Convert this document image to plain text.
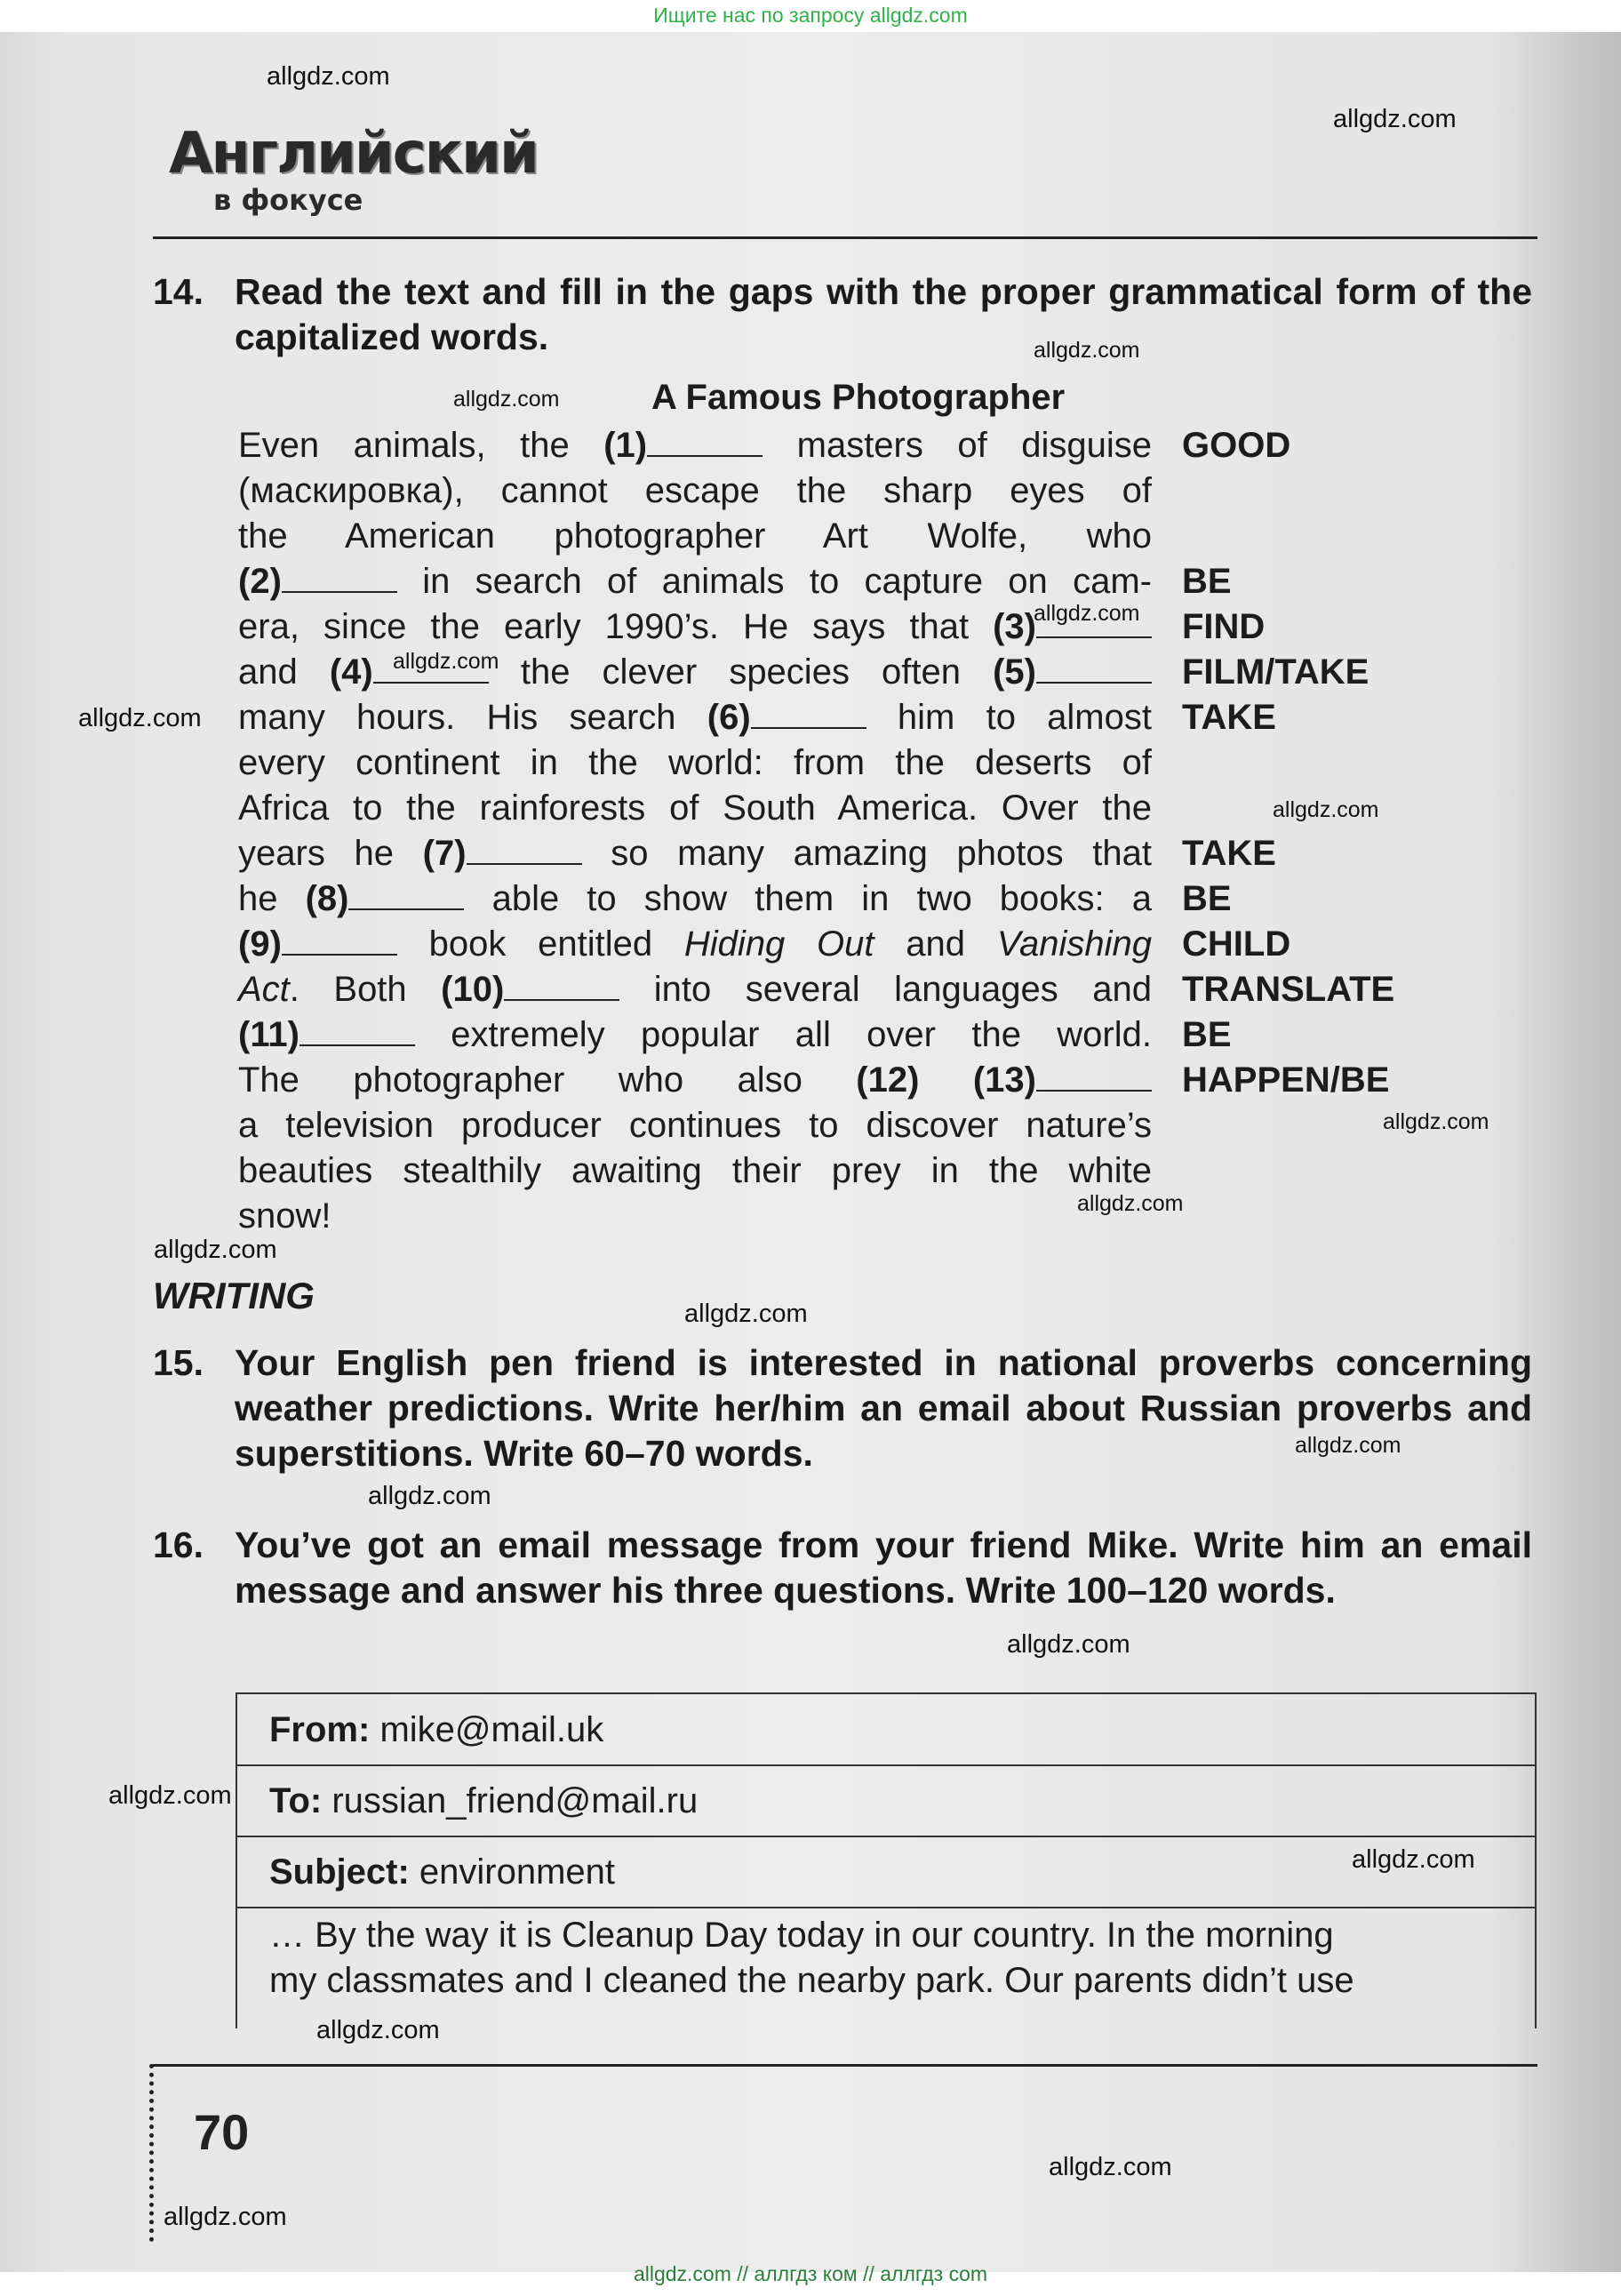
Ищите нас по запросу allgdz.com
allgdz.com
allgdz.com
allgdz.com
allgdz.com
allgdz.com
allgdz.com
allgdz.com
allgdz.com
allgdz.com
allgdz.com
allgdz.com
allgdz.com
allgdz.com
allgdz.com
allgdz.com
allgdz.com
allgdz.com
allgdz.com
allgdz.com
allgdz.com
Английский
в фокусе
14. Read the text and fill in the gaps with the proper grammatical form of the capitalized words.
A Famous Photographer
Even animals, the (1)	masters of disguise
(маскировка), cannot escape the sharp eyes of
the American photographer Art Wolfe, who
(2)	in search of animals to capture on cam-
era, since the early 1990’s. He says that (3)
and (4)	the clever species often (5)
many hours. His search (6)	him to almost
every continent in the world: from the deserts of
Africa to the rainforests of South America. Over the
years he (7)	so many amazing photos that
he (8)	able to show them in two books: a
(9)	book entitled Hiding Out and Vanishing
Act. Both (10)	into several languages and
(11)	extremely popular all over the world.
The photographer who also (12) (13)
a television producer continues to discover nature’s
beauties stealthily awaiting their prey in the white
snow!
GOOD
BE
FIND
FILM/TAKE
TAKE
TAKE
BE
CHILD
TRANSLATE
BE
HAPPEN/BE
WRITING
15. Your English pen friend is interested in national proverbs concerning weather predictions. Write her/him an email about Russian proverbs and superstitions. Write 60–70 words.
16. You’ve got an email message from your friend Mike. Write him an email message and answer his three questions. Write 100–120 words.
From: mike@mail.uk
To: russian_friend@mail.ru
Subject: environment
… By the way it is Cleanup Day today in our country. In the morning
my classmates and I cleaned the nearby park. Our parents didn’t use
70
allgdz.com // аллгдз ком // аллгдз com
